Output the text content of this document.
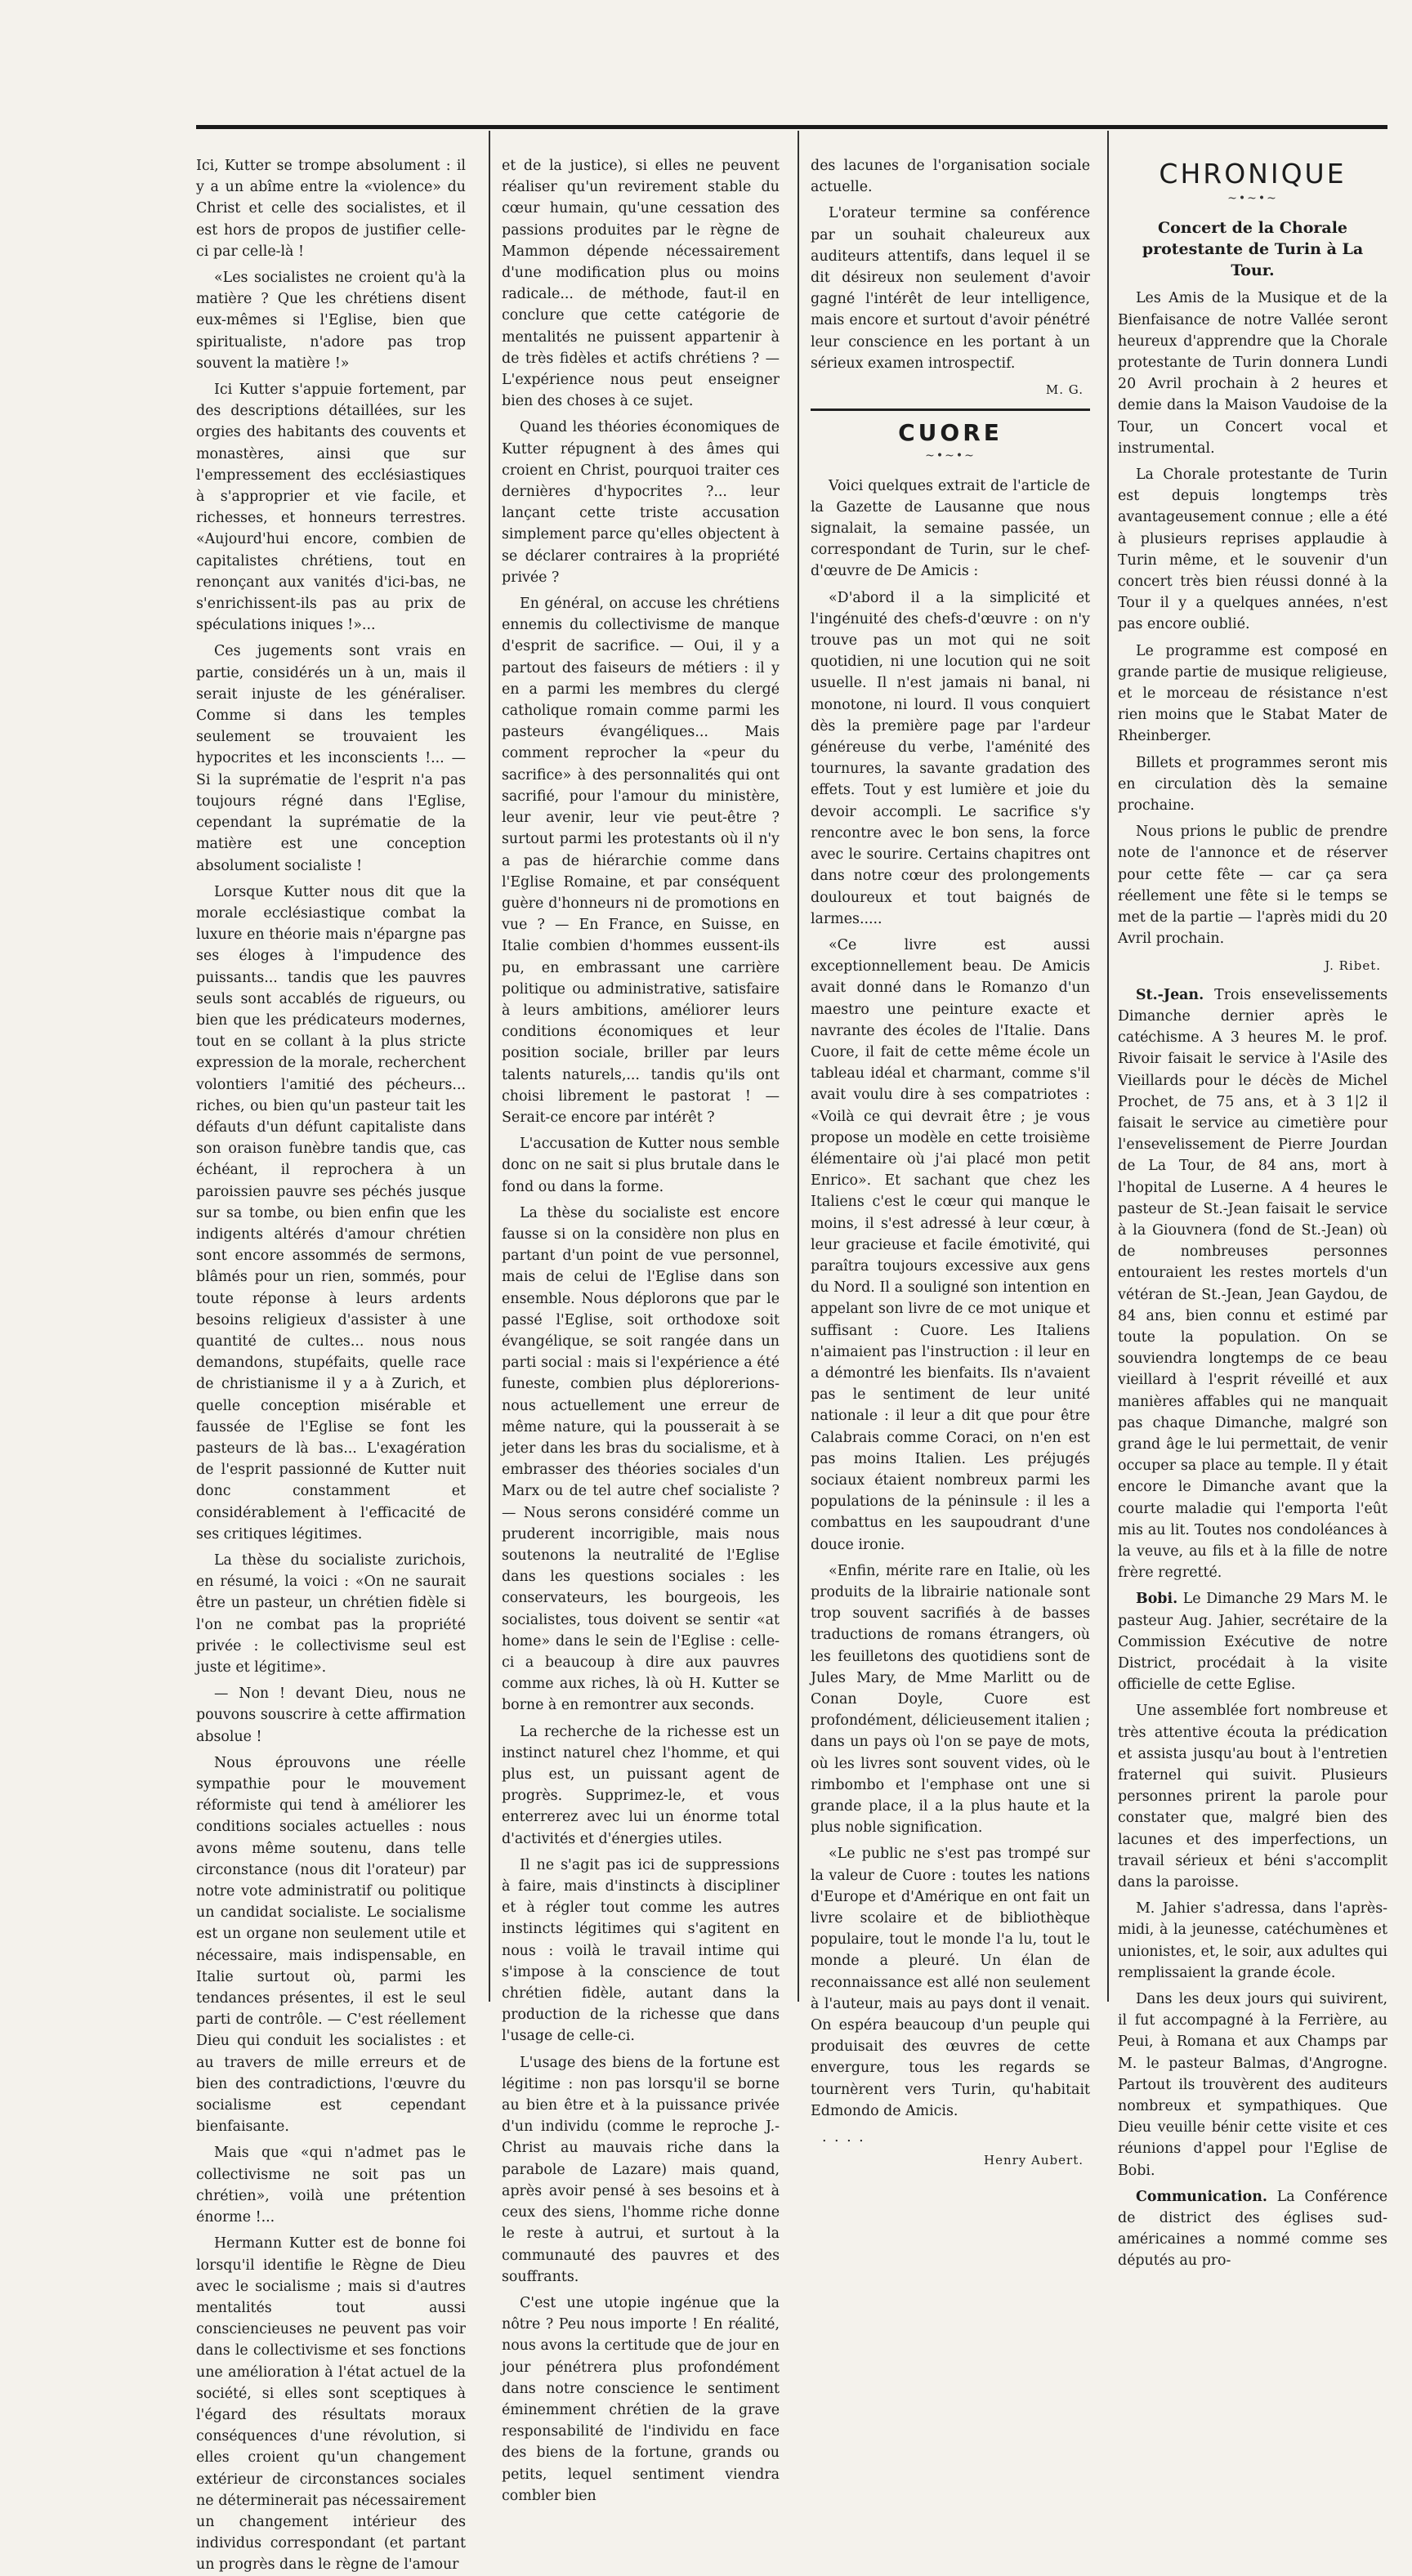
Ici, Kutter se trompe absolument : il y a un abîme entre la «violence» du Christ et celle des socialistes, et il est hors de propos de justifier celle-ci par celle-là !

«Les socialistes ne croient qu'à la matière ? Que les chrétiens disent eux-mêmes si l'Eglise, bien que spiritualiste, n'adore pas trop souvent la matière !»

Ici Kutter s'appuie fortement, par des descriptions détaillées, sur les orgies des habitants des couvents et monastères, ainsi que sur l'empressement des ecclésiastiques à s'approprier et vie facile, et richesses, et honneurs terrestres. «Aujourd'hui encore, combien de capitalistes chrétiens, tout en renonçant aux vanités d'ici-bas, ne s'enrichissent-ils pas au prix de spéculations iniques !»...

Ces jugements sont vrais en partie, considérés un à un, mais il serait injuste de les généraliser. Comme si dans les temples seulement se trouvaient les hypocrites et les inconscients !... — Si la suprématie de l'esprit n'a pas toujours régné dans l'Eglise, cependant la suprématie de la matière est une conception absolument socialiste !

Lorsque Kutter nous dit que la morale ecclésiastique combat la luxure en théorie mais n'épargne pas ses éloges à l'impudence des puissants... tandis que les pauvres seuls sont accablés de rigueurs, ou bien que les prédicateurs modernes, tout en se collant à la plus stricte expression de la morale, recherchent volontiers l'amitié des pécheurs... riches, ou bien qu'un pasteur tait les défauts d'un défunt capitaliste dans son oraison funèbre tandis que, cas échéant, il reprochera à un paroissien pauvre ses péchés jusque sur sa tombe, ou bien enfin que les indigents altérés d'amour chrétien sont encore assommés de sermons, blâmés pour un rien, sommés, pour toute réponse à leurs ardents besoins religieux d'assister à une quantité de cultes... nous nous demandons, stupéfaits, quelle race de christianisme il y a à Zurich, et quelle conception misérable et faussée de l'Eglise se font les pasteurs de là bas... L'exagération de l'esprit passionné de Kutter nuit donc constamment et considérablement à l'efficacité de ses critiques légitimes.

La thèse du socialiste zurichois, en résumé, la voici : «On ne saurait être un pasteur, un chrétien fidèle si l'on ne combat pas la propriété privée : le collectivisme seul est juste et légitime».

— Non ! devant Dieu, nous ne pouvons souscrire à cette affirmation absolue !

Nous éprouvons une réelle sympathie pour le mouvement réformiste qui tend à améliorer les conditions sociales actuelles : nous avons même soutenu, dans telle circonstance (nous dit l'orateur) par notre vote administratif ou politique un candidat socialiste. Le socialisme est un organe non seulement utile et nécessaire, mais indispensable, en Italie surtout où, parmi les tendances présentes, il est le seul parti de contrôle. — C'est réellement Dieu qui conduit les socialistes : et au travers de mille erreurs et de bien des contradictions, l'œuvre du socialisme est cependant bienfaisante.

Mais que «qui n'admet pas le collectivisme ne soit pas un chrétien», voilà une prétention énorme !...

Hermann Kutter est de bonne foi lorsqu'il identifie le Règne de Dieu avec le socialisme ; mais si d'autres mentalités tout aussi consciencieuses ne peuvent pas voir dans le collectivisme et ses fonctions une amélioration à l'état actuel de la société, si elles sont sceptiques à l'égard des résultats moraux conséquences d'une révolution, si elles croient qu'un changement extérieur de circonstances sociales ne déterminerait pas nécessairement un changement intérieur des individus correspondant (et partant un progrès dans le règne de l'amour

et de la justice), si elles ne peuvent réaliser qu'un revirement stable du cœur humain, qu'une cessation des passions produites par le règne de Mammon dépende nécessairement d'une modification plus ou moins radicale... de méthode, faut-il en conclure que cette catégorie de mentalités ne puissent appartenir à de très fidèles et actifs chrétiens ? — L'expérience nous peut enseigner bien des choses à ce sujet.

Quand les théories économiques de Kutter répugnent à des âmes qui croient en Christ, pourquoi traiter ces dernières d'hypocrites ?... leur lançant cette triste accusation simplement parce qu'elles objectent à se déclarer contraires à la propriété privée ?

En général, on accuse les chrétiens ennemis du collectivisme de manque d'esprit de sacrifice. — Oui, il y a partout des faiseurs de métiers : il y en a parmi les membres du clergé catholique romain comme parmi les pasteurs évangéliques... Mais comment reprocher la «peur du sacrifice» à des personnalités qui ont sacrifié, pour l'amour du ministère, leur avenir, leur vie peut-être ? surtout parmi les protestants où il n'y a pas de hiérarchie comme dans l'Eglise Romaine, et par conséquent guère d'honneurs ni de promotions en vue ? — En France, en Suisse, en Italie combien d'hommes eussent-ils pu, en embrassant une carrière politique ou administrative, satisfaire à leurs ambitions, améliorer leurs conditions économiques et leur position sociale, briller par leurs talents naturels,... tandis qu'ils ont choisi librement le pastorat ! — Serait-ce encore par intérêt ?

L'accusation de Kutter nous semble donc on ne sait si plus brutale dans le fond ou dans la forme.

La thèse du socialiste est encore fausse si on la considère non plus en partant d'un point de vue personnel, mais de celui de l'Eglise dans son ensemble. Nous déplorons que par le passé l'Eglise, soit orthodoxe soit évangélique, se soit rangée dans un parti social : mais si l'expérience a été funeste, combien plus déplorerions-nous actuellement une erreur de même nature, qui la pousserait à se jeter dans les bras du socialisme, et à embrasser des théories sociales d'un Marx ou de tel autre chef socialiste ? — Nous serons considéré comme un pruderent incorrigible, mais nous soutenons la neutralité de l'Eglise dans les questions sociales : les conservateurs, les bourgeois, les socialistes, tous doivent se sentir «at home» dans le sein de l'Eglise : celle-ci a beaucoup à dire aux pauvres comme aux riches, là où H. Kutter se borne à en remontrer aux seconds.

La recherche de la richesse est un instinct naturel chez l'homme, et qui plus est, un puissant agent de progrès. Supprimez-le, et vous enterrerez avec lui un énorme total d'activités et d'énergies utiles.

Il ne s'agit pas ici de suppressions à faire, mais d'instincts à discipliner et à régler tout comme les autres instincts légitimes qui s'agitent en nous : voilà le travail intime qui s'impose à la conscience de tout chrétien fidèle, autant dans la production de la richesse que dans l'usage de celle-ci.

L'usage des biens de la fortune est légitime : non pas lorsqu'il se borne au bien être et à la puissance privée d'un individu (comme le reproche J.-Christ au mauvais riche dans la parabole de Lazare) mais quand, après avoir pensé à ses besoins et à ceux des siens, l'homme riche donne le reste à autrui, et surtout à la communauté des pauvres et des souffrants.

C'est une utopie ingénue que la nôtre ? Peu nous importe ! En réalité, nous avons la certitude que de jour en jour pénétrera plus profondément dans notre conscience le sentiment éminemment chrétien de la grave responsabilité de l'individu en face des biens de la fortune, grands ou petits, lequel sentiment viendra combler bien

des lacunes de l'organisation sociale actuelle.

L'orateur termine sa conférence par un souhait chaleureux aux auditeurs attentifs, dans lequel il se dit désireux non seulement d'avoir gagné l'intérêt de leur intelligence, mais encore et surtout d'avoir pénétré leur conscience en les portant à un sérieux examen introspectif.

M. G.
CUORE
~•~•~

Voici quelques extrait de l'article de la Gazette de Lausanne que nous signalait, la semaine passée, un correspondant de Turin, sur le chef-d'œuvre de De Amicis :

«D'abord il a la simplicité et l'ingénuité des chefs-d'œuvre : on n'y trouve pas un mot qui ne soit quotidien, ni une locution qui ne soit usuelle. Il n'est jamais ni banal, ni monotone, ni lourd. Il vous conquiert dès la première page par l'ardeur généreuse du verbe, l'aménité des tournures, la savante gradation des effets. Tout y est lumière et joie du devoir accompli. Le sacrifice s'y rencontre avec le bon sens, la force avec le sourire. Certains chapitres ont dans notre cœur des prolongements douloureux et tout baignés de larmes.....

«Ce livre est aussi exceptionnellement beau. De Amicis avait donné dans le Romanzo d'un maestro une peinture exacte et navrante des écoles de l'Italie. Dans Cuore, il fait de cette même école un tableau idéal et charmant, comme s'il avait voulu dire à ses compatriotes : «Voilà ce qui devrait être ; je vous propose un modèle en cette troisième élémentaire où j'ai placé mon petit Enrico». Et sachant que chez les Italiens c'est le cœur qui manque le moins, il s'est adressé à leur cœur, à leur gracieuse et facile émotivité, qui paraîtra toujours excessive aux gens du Nord. Il a souligné son intention en appelant son livre de ce mot unique et suffisant : Cuore. Les Italiens n'aimaient pas l'instruction : il leur en a démontré les bienfaits. Ils n'avaient pas le sentiment de leur unité nationale : il leur a dit que pour être Calabrais comme Coraci, on n'en est pas moins Italien. Les préjugés sociaux étaient nombreux parmi les populations de la péninsule : il les a combattus en les saupoudrant d'une douce ironie.

«Enfin, mérite rare en Italie, où les produits de la librairie nationale sont trop souvent sacrifiés à de basses traductions de romans étrangers, où les feuilletons des quotidiens sont de Jules Mary, de Mme Marlitt ou de Conan Doyle, Cuore est profondément, délicieusement italien ; dans un pays où l'on se paye de mots, où les livres sont souvent vides, où le rimbombo et l'emphase ont une si grande place, il a la plus haute et la plus noble signification.

«Le public ne s'est pas trompé sur la valeur de Cuore : toutes les nations d'Europe et d'Amérique en ont fait un livre scolaire et de bibliothèque populaire, tout le monde l'a lu, tout le monde a pleuré. Un élan de reconnaissance est allé non seulement à l'auteur, mais au pays dont il venait. On espéra beaucoup d'un peuple qui produisait des œuvres de cette envergure, tous les regards se tournèrent vers Turin, qu'habitait Edmondo de Amicis.

. . . .
Henry Aubert.
CHRONIQUE
~•~•~
Concert de la Chorale protestante de Turin à La Tour.

Les Amis de la Musique et de la Bienfaisance de notre Vallée seront heureux d'apprendre que la Chorale protestante de Turin donnera Lundi 20 Avril prochain à 2 heures et demie dans la Maison Vaudoise de la Tour, un Concert vocal et instrumental.

La Chorale protestante de Turin est depuis longtemps très avantageusement connue ; elle a été à plusieurs reprises applaudie à Turin même, et le souvenir d'un concert très bien réussi donné à la Tour il y a quelques années, n'est pas encore oublié.

Le programme est composé en grande partie de musique religieuse, et le morceau de résistance n'est rien moins que le Stabat Mater de Rheinberger.

Billets et programmes seront mis en circulation dès la semaine prochaine.

Nous prions le public de prendre note de l'annonce et de réserver pour cette fête — car ça sera réellement une fête si le temps se met de la partie — l'après midi du 20 Avril prochain.

J. Ribet.

St.-Jean. Trois ensevelissements Dimanche dernier après le catéchisme. A 3 heures M. le prof. Rivoir faisait le service à l'Asile des Vieillards pour le décès de Michel Prochet, de 75 ans, et à 3 1|2 il faisait le service au cimetière pour l'ensevelissement de Pierre Jourdan de La Tour, de 84 ans, mort à l'hopital de Luserne. A 4 heures le pasteur de St.-Jean faisait le service à la Giouvnera (fond de St.-Jean) où de nombreuses personnes entouraient les restes mortels d'un vétéran de St.-Jean, Jean Gaydou, de 84 ans, bien connu et estimé par toute la population. On se souviendra longtemps de ce beau vieillard à l'esprit réveillé et aux manières affables qui ne manquait pas chaque Dimanche, malgré son grand âge le lui permettait, de venir occuper sa place au temple. Il y était encore le Dimanche avant que la courte maladie qui l'emporta l'eût mis au lit. Toutes nos condoléances à la veuve, au fils et à la fille de notre frère regretté.

Bobi. Le Dimanche 29 Mars M. le pasteur Aug. Jahier, secrétaire de la Commission Exécutive de notre District, procédait à la visite officielle de cette Eglise.

Une assemblée fort nombreuse et très attentive écouta la prédication et assista jusqu'au bout à l'entretien fraternel qui suivit. Plusieurs personnes prirent la parole pour constater que, malgré bien des lacunes et des imperfections, un travail sérieux et béni s'accomplit dans la paroisse.

M. Jahier s'adressa, dans l'après-midi, à la jeunesse, catéchumènes et unionistes, et, le soir, aux adultes qui remplissaient la grande école.

Dans les deux jours qui suivirent, il fut accompagné à la Ferrière, au Peui, à Romana et aux Champs par M. le pasteur Balmas, d'Angrogne. Partout ils trouvèrent des auditeurs nombreux et sympathiques. Que Dieu veuille bénir cette visite et ces réunions d'appel pour l'Eglise de Bobi.

Communication. La Conférence de district des églises sud-américaines a nommé comme ses députés au pro-
